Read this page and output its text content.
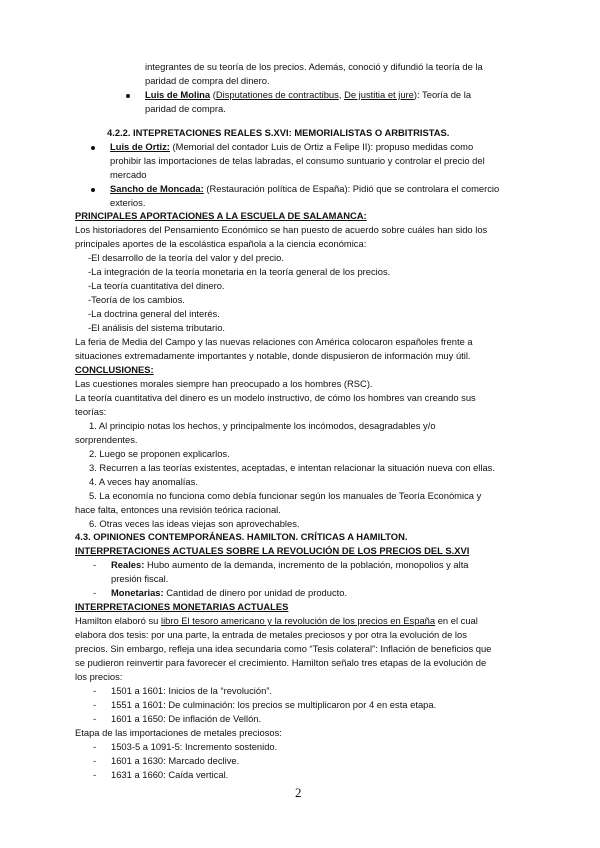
integrantes de su teoría de los precios. Además, conoció y difundió la teoría de la
paridad de compra del dinero.
Luis de Molina (Disputationes de contractibus, De justitia et jure): Teoría de la
paridad de compra.
4.2.2. INTEPRETACIONES REALES S.XVI: MEMORIALISTAS O ARBITRISTAS.
Luis de Ortiz: (Memorial del contador Luis de Ortiz a Felipe II): propuso medidas como
prohibir las importaciones de telas labradas, el consumo suntuario y controlar el precio del
mercado
Sancho de Moncada: (Restauración política de España): Pidió que se controlara el comercio
exterios.
PRINCIPALES APORTACIONES A LA ESCUELA DE SALAMANCA:
Los historiadores del Pensamiento Económico se han puesto de acuerdo sobre cuáles han sido los
principales aportes de la escolástica española a la ciencia económica:
-El desarrollo de la teoría del valor y del precio.
-La integración de la teoría monetaria en la teoría general de los precios.
-La teoría cuantitativa del dinero.
-Teoría de los cambios.
-La doctrina general del interés.
-El análisis del sistema tributario.
La feria de Media del Campo y las nuevas relaciones con América colocaron españoles frente a
situaciones extremadamente importantes y notable, donde dispusieron de información muy útil.
CONCLUSIONES:
Las cuestiones morales siempre han preocupado a los hombres (RSC).
La teoría cuantitativa del dinero es un modelo instructivo, de cómo los hombres van creando sus
teorías:
1. Al principio notas los hechos, y principalmente los incómodos, desagradables y/o
sorprendentes.
2. Luego se proponen explicarlos.
3. Recurren a las teorías existentes, aceptadas, e intentan relacionar la situación nueva con ellas.
4. A veces hay anomalías.
5. La economía no funciona como debía funcionar según los manuales de Teoría Económica y
hace falta, entonces una revisión teórica racional.
6. Otras veces las ideas viejas son aprovechables.
4.3. OPINIONES CONTEMPORÁNEAS. HAMILTON. CRÍTICAS A HAMILTON.
INTERPRETACIONES ACTUALES SOBRE LA REVOLUCIÓN DE LOS PRECIOS DEL S.XVI
- Reales: Hubo aumento de la demanda, incremento de la población, monopolios y alta
presión fiscal.
- Monetarias: Cantidad de dinero por unidad de producto.
INTERPRETACIONES MONETARIAS ACTUALES
Hamilton elaboró su libro El tesoro americano y la revolución de los precios en España en el cual
elabora dos tesis: por una parte, la entrada de metales preciosos y por otra la evolución de los
precios. Sin embargo, refleja una idea secundaria como “Tesis colateral”: Inflación de beneficios que
se pudieron reinvertir para favorecer el crecimiento. Hamilton señalo tres etapas de la evolución de
los precios:
- 1501 a 1601: Inicios de la “revolución”.
- 1551 a 1601: De culminación: los precios se multiplicaron por 4 en esta etapa.
- 1601 a 1650: De inflación de Vellón.
Etapa de las importaciones de metales preciosos:
- 1503-5 a 1091-5: Incremento sostenido.
- 1601 a 1630: Marcado declive.
- 1631 a 1660: Caída vertical.
2
